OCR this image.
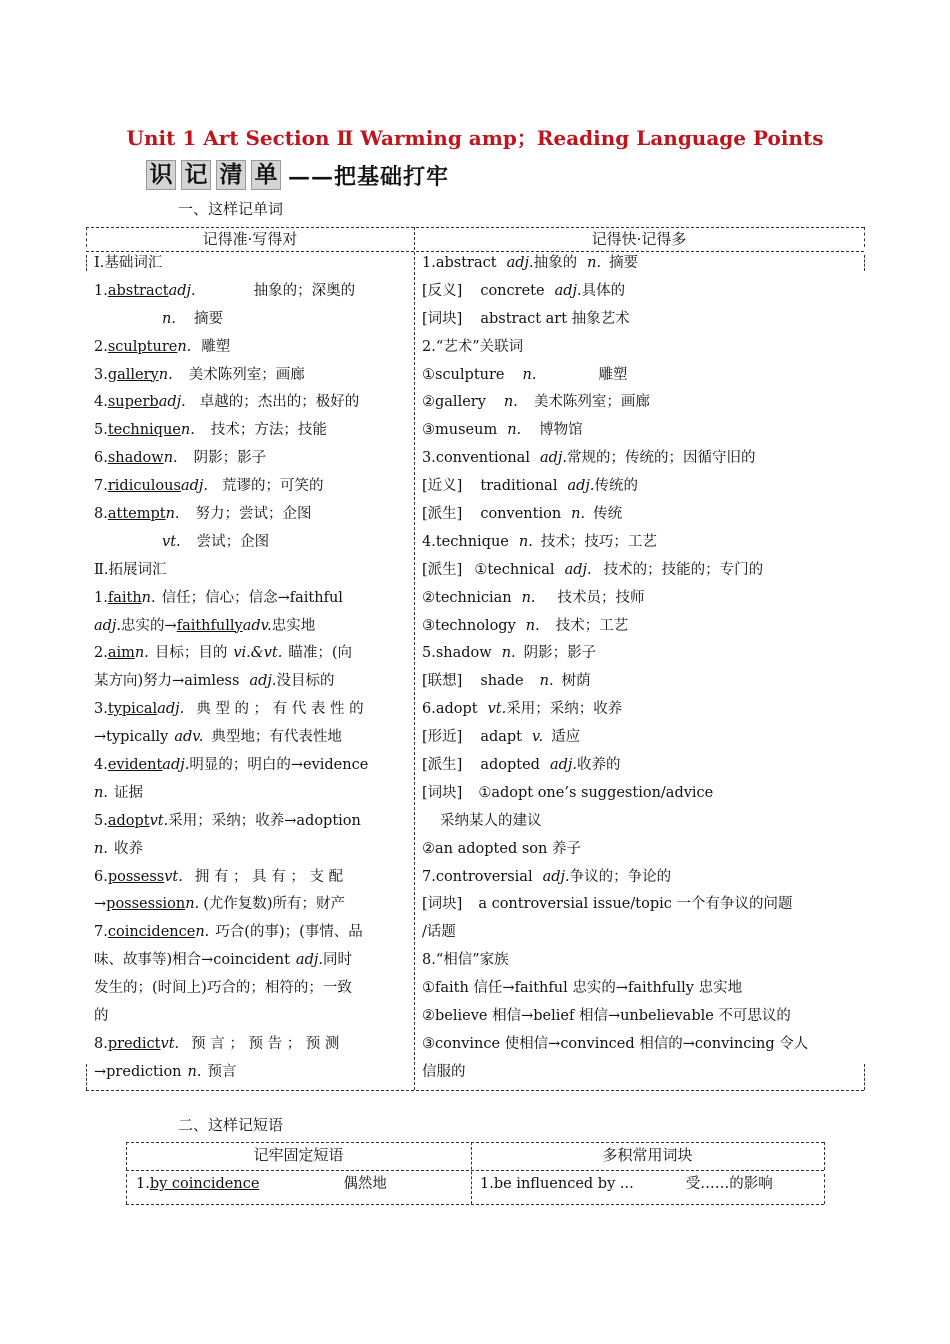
Unit 1 Art Section Ⅱ Warming amp；Reading Language Points
识 记 清 单 ——把基础打牢
一、这样记单词
记得准·写得对	记得快·记得多
Ⅰ.基础词汇
1.abstractadj.	抽象的；深奥的
n. 摘要
2.sculpturen. 雕塑
3.galleryn. 美术陈列室；画廊
4.superbadj. 卓越的；杰出的；极好的
5.techniquen. 技术；方法；技能
6.shadown. 阴影；影子
7.ridiculousadj. 荒谬的；可笑的
8.attemptn. 努力；尝试；企图
vt. 尝试；企图
Ⅱ.拓展词汇
1.faithn. 信任；信心；信念→faithful
adj.忠实的→faithfullyadv.忠实地
2.aimn. 目标；目的 vi.&vt. 瞄准；(向
某方向)努力→aimless adj.没目标的
3.typicaladj. 典 型 的 ； 有 代 表 性 的
→typically adv. 典型地；有代表性地
4.evidentadj.明显的；明白的→evidence
n. 证据
5.adoptvt.采用；采纳；收养→adoption
n. 收养
6.possessvt. 拥 有 ； 具 有 ； 支 配
→possessionn. (尤作复数)所有；财产
7.coincidencen. 巧合(的事)；(事情、品
味、故事等)相合→coincident adj.同时
发生的；(时间上)巧合的；相符的；一致
的
8.predictvt. 预 言 ； 预 告 ； 预 测
→prediction n. 预言
1.abstract adj.抽象的 n. 摘要
[反义] concrete adj.具体的
[词块] abstract art 抽象艺术
2.“艺术”关联词
①sculpture n.	雕塑
②gallery n. 美术陈列室；画廊
③museum n. 博物馆
3.conventional adj.常规的；传统的；因循守旧的
[近义] traditional adj.传统的
[派生] convention n. 传统
4.technique n. 技术；技巧；工艺
[派生] ①technical adj. 技术的；技能的；专门的
②technician n. 技术员；技师
③technology n. 技术；工艺
5.shadow n. 阴影；影子
[联想] shade n. 树荫
6.adopt vt.采用；采纳；收养
[形近] adapt v. 适应
[派生] adopted adj.收养的
[词块] ①adopt one’s suggestion/advice
采纳某人的建议
②an adopted son 养子
7.controversial adj.争议的；争论的
[词块] a controversial issue/topic 一个有争议的问题
/话题
8.“相信”家族
①faith 信任→faithful 忠实的→faithfully 忠实地
②believe 相信→belief 相信→unbelievable 不可思议的
③convince 使相信→convinced 相信的→convincing 令人
信服的
二、这样记短语
记牢固定短语	多积常用词块
1.by coincidence	偶然地	1.be influenced by ...	受……的影响
